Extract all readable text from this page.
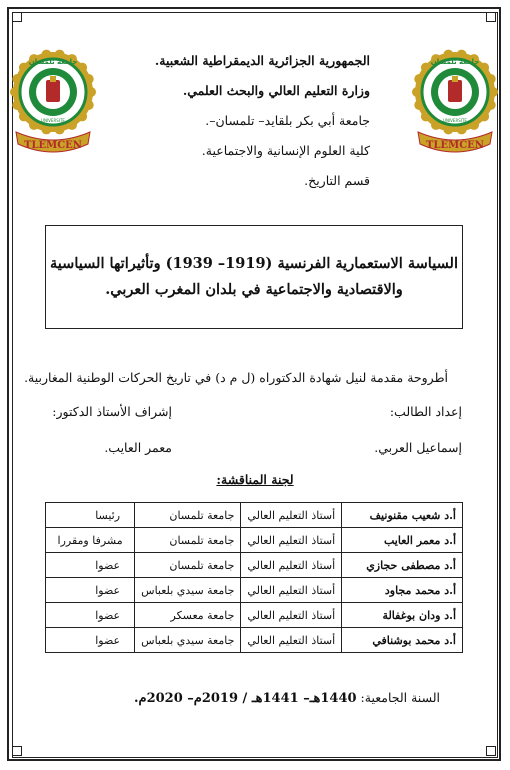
جامعة تلمسان
UNIVERSITE
TLEMCEN
جامعة تلمسان
UNIVERSITE
TLEMCEN
الجمهورية الجزائرية الديمقراطية الشعبية.
وزارة التعليم العالي والبحث العلمي.
جامعة أبي بكر بلقايد– تلمسان–.
كلية العلوم الإنسانية والاجتماعية.
قسم التاريخ.
السياسة الاستعمارية الفرنسية (1919– 1939) وتأثيراتها السياسية
والاقتصادية والاجتماعية في بلدان المغرب العربي.
أطروحة مقدمة لنيل شهادة الدكتوراه (ل م د) في تاريخ الحركات الوطنية المغاربية.
إعداد الطالب:
إسماعيل العربي.
إشراف الأستاذ الدكتور:
معمر العايب.
لجنة المناقشة:
أ.د شعيب مقنونيف	أستاذ التعليم العالي	جامعة تلمسان	رئيسا
أ.د معمر العايب	أستاذ التعليم العالي	جامعة تلمسان	مشرفا ومقررا
أ.د مصطفى حجازي	أستاذ التعليم العالي	جامعة تلمسان	عضوا
أ.د محمد مجاود	أستاذ التعليم العالي	جامعة سيدي بلعباس	عضوا
أ.د ودان بوغفالة	أستاذ التعليم العالي	جامعة معسكر	عضوا
أ.د محمد بوشنافي	أستاذ التعليم العالي	جامعة سيدي بلعباس	عضوا
السنة الجامعية: 1440هـ– 1441هـ / 2019م– 2020م.
